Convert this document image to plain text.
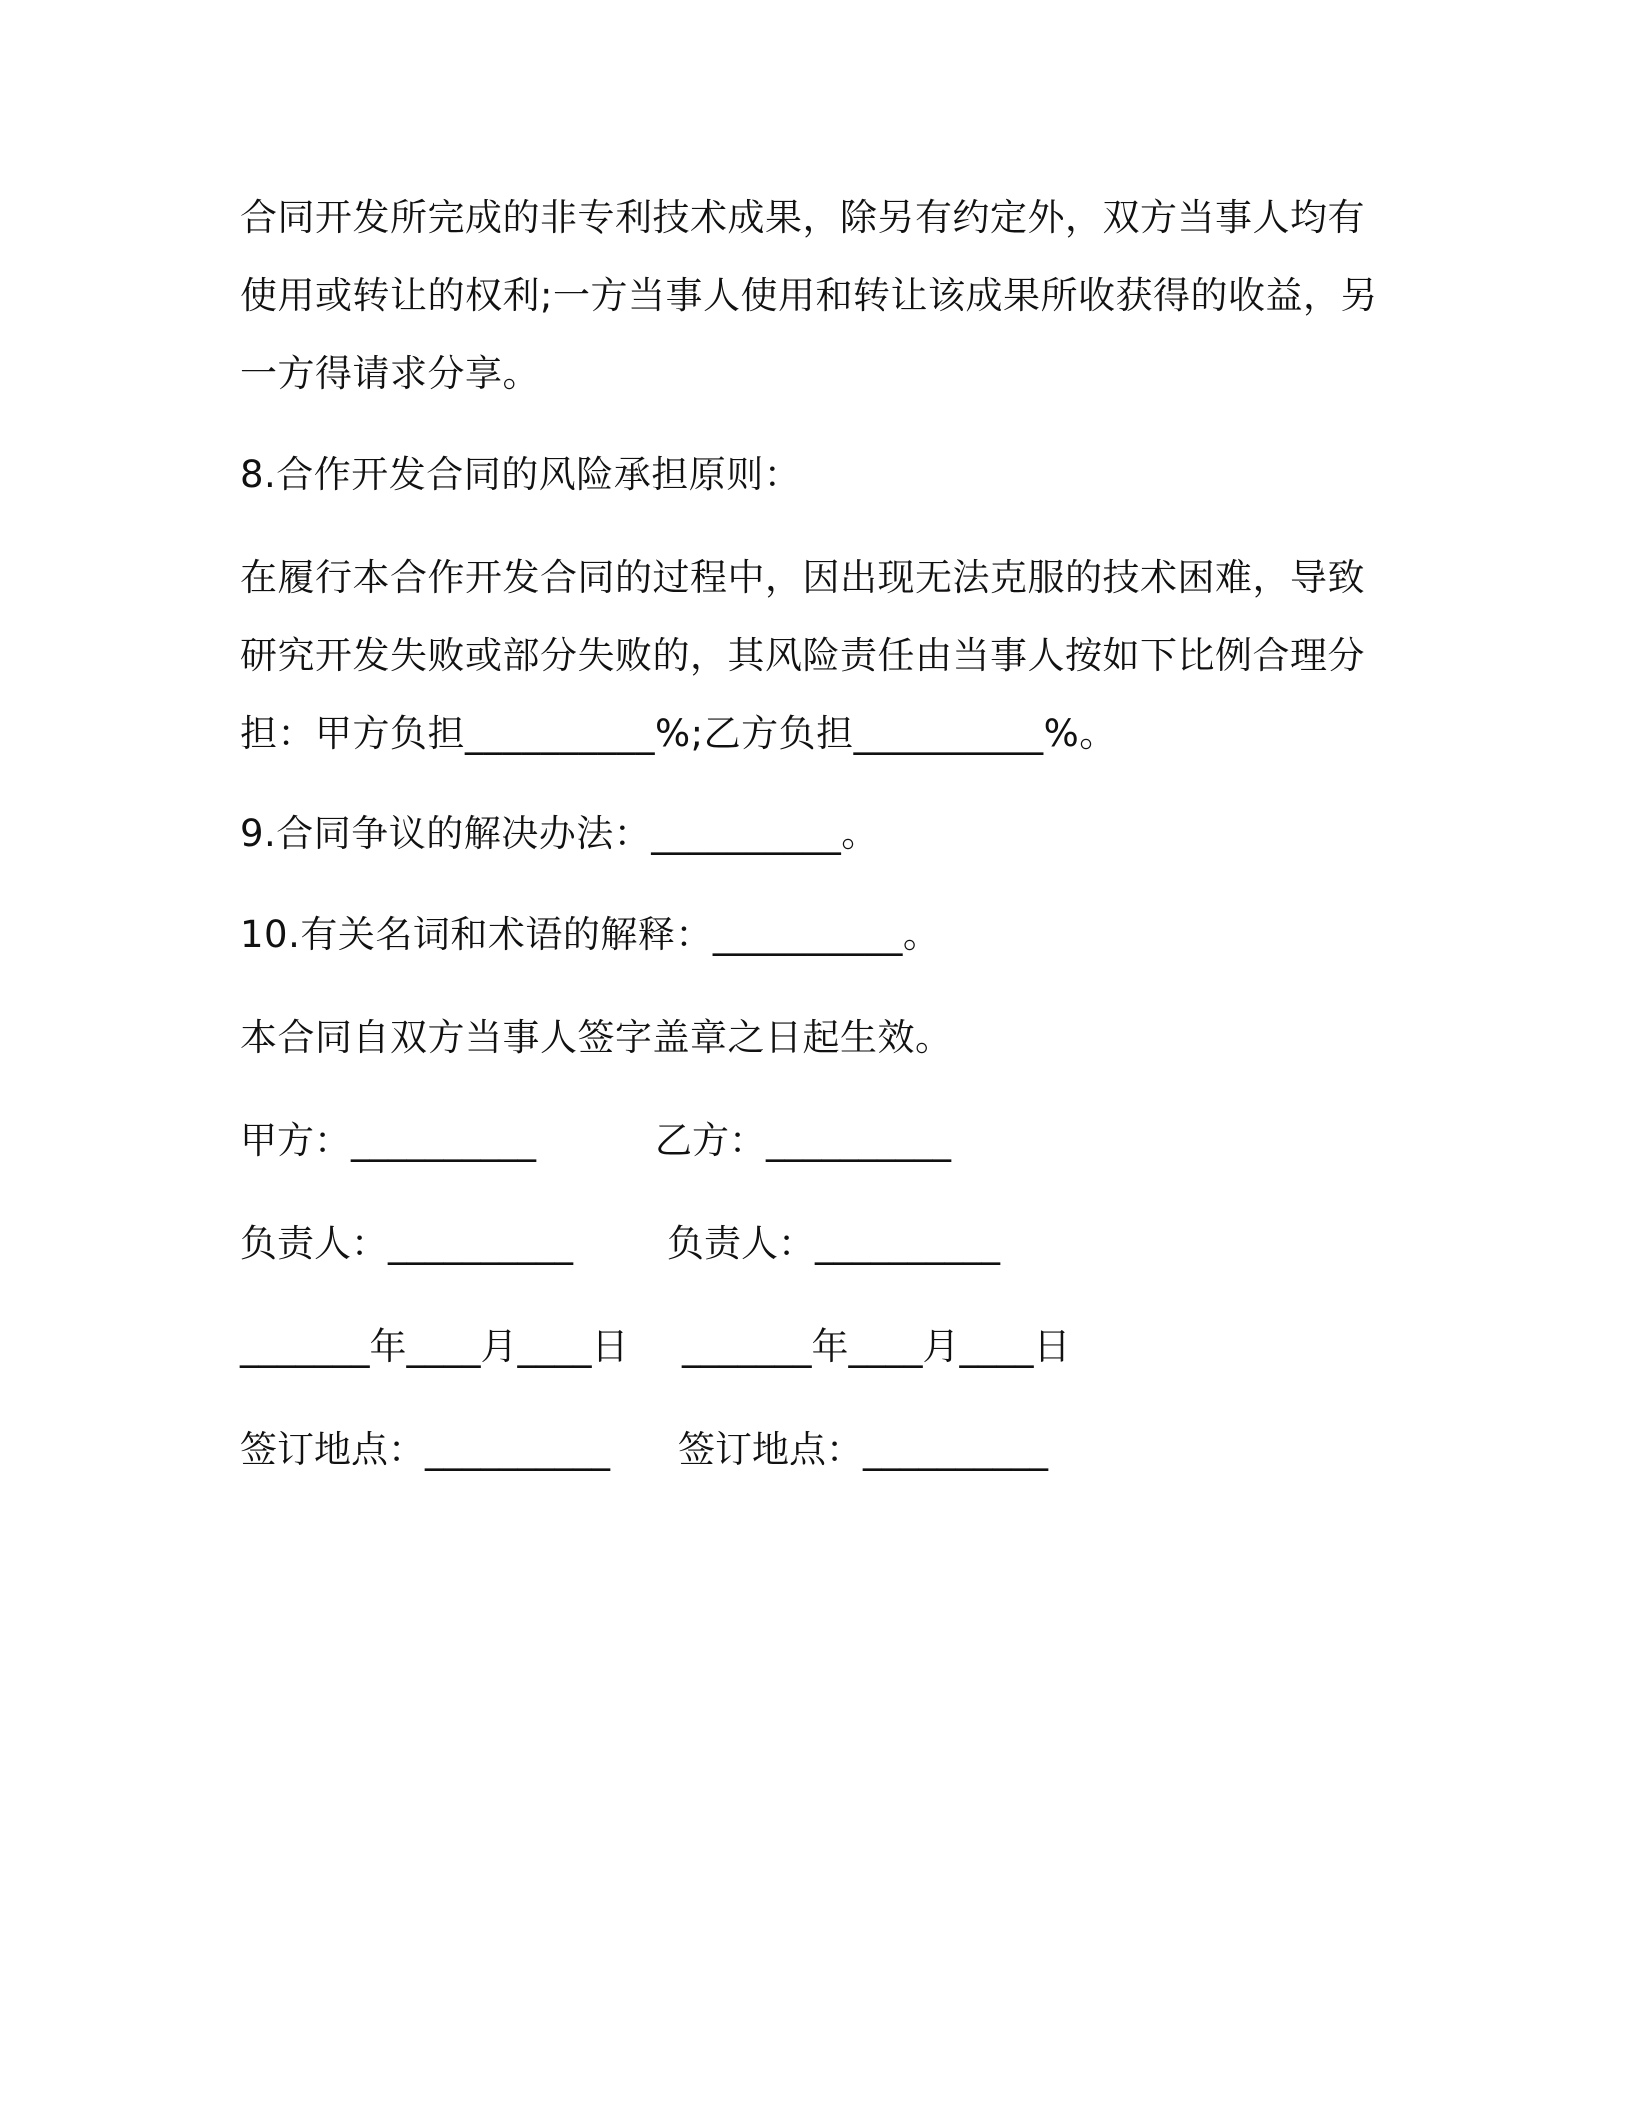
合同开发所完成的非专利技术成果，除另有约定外，双方当事人均有
使用或转让的权利;一方当事人使用和转让该成果所收获得的收益，另
一方得请求分享。
8.合作开发合同的风险承担原则：
在履行本合作开发合同的过程中，因出现无法克服的技术困难，导致
研究开发失败或部分失败的，其风险责任由当事人按如下比例合理分
担：甲方负担__________%;乙方负担__________%。
9.合同争议的解决办法：__________。
10.有关名词和术语的解释：__________。
本合同自双方当事人签字盖章之日起生效。
甲方：__________	乙方：__________
负责人：__________	负责人：__________
_______年____月____日 _______年____月____日
签订地点：__________ 签订地点：__________
